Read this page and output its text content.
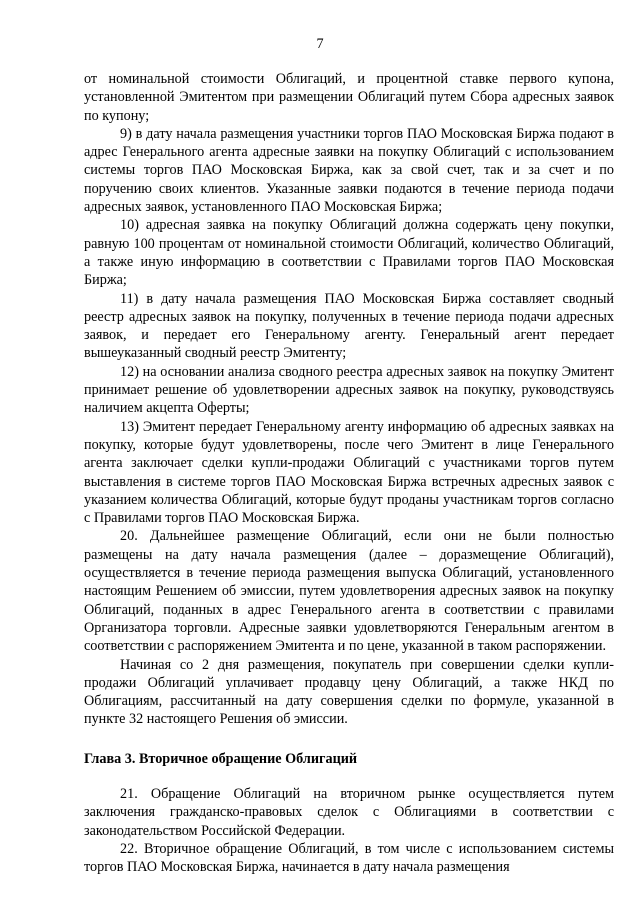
7

от номинальной стоимости Облигаций, и процентной ставке первого купона, установленной Эмитентом при размещении Облигаций путем Сбора адресных заявок по купону;

9) в дату начала размещения участники торгов ПАО Московская Биржа подают в адрес Генерального агента адресные заявки на покупку Облигаций с использованием системы торгов ПАО Московская Биржа, как за свой счет, так и за счет и по поручению своих клиентов. Указанные заявки подаются в течение периода подачи адресных заявок, установленного ПАО Московская Биржа;

10) адресная заявка на покупку Облигаций должна содержать цену покупки, равную 100 процентам от номинальной стоимости Облигаций, количество Облигаций, а также иную информацию в соответствии с Правилами торгов ПАО Московская Биржа;

11) в дату начала размещения ПАО Московская Биржа составляет сводный реестр адресных заявок на покупку, полученных в течение периода подачи адресных заявок, и передает его Генеральному агенту. Генеральный агент передает вышеуказанный сводный реестр Эмитенту;

12) на основании анализа сводного реестра адресных заявок на покупку Эмитент принимает решение об удовлетворении адресных заявок на покупку, руководствуясь наличием акцепта Оферты;

13) Эмитент передает Генеральному агенту информацию об адресных заявках на покупку, которые будут удовлетворены, после чего Эмитент в лице Генерального агента заключает сделки купли-продажи Облигаций с участниками торгов путем выставления в системе торгов ПАО Московская Биржа встречных адресных заявок с указанием количества Облигаций, которые будут проданы участникам торгов согласно с Правилами торгов ПАО Московская Биржа.

20. Дальнейшее размещение Облигаций, если они не были полностью размещены на дату начала размещения (далее – доразмещение Облигаций), осуществляется в течение периода размещения выпуска Облигаций, установленного настоящим Решением об эмиссии, путем удовлетворения адресных заявок на покупку Облигаций, поданных в адрес Генерального агента в соответствии с правилами Организатора торговли. Адресные заявки удовлетворяются Генеральным агентом в соответствии с распоряжением Эмитента и по цене, указанной в таком распоряжении.

Начиная со 2 дня размещения, покупатель при совершении сделки купли-продажи Облигаций уплачивает продавцу цену Облигаций, а также НКД по Облигациям, рассчитанный на дату совершения сделки по формуле, указанной в пункте 32 настоящего Решения об эмиссии.

Глава 3. Вторичное обращение Облигаций

21. Обращение Облигаций на вторичном рынке осуществляется путем заключения гражданско-правовых сделок с Облигациями в соответствии с законодательством Российской Федерации.

22. Вторичное обращение Облигаций, в том числе с использованием системы торгов ПАО Московская Биржа, начинается в дату начала размещения
